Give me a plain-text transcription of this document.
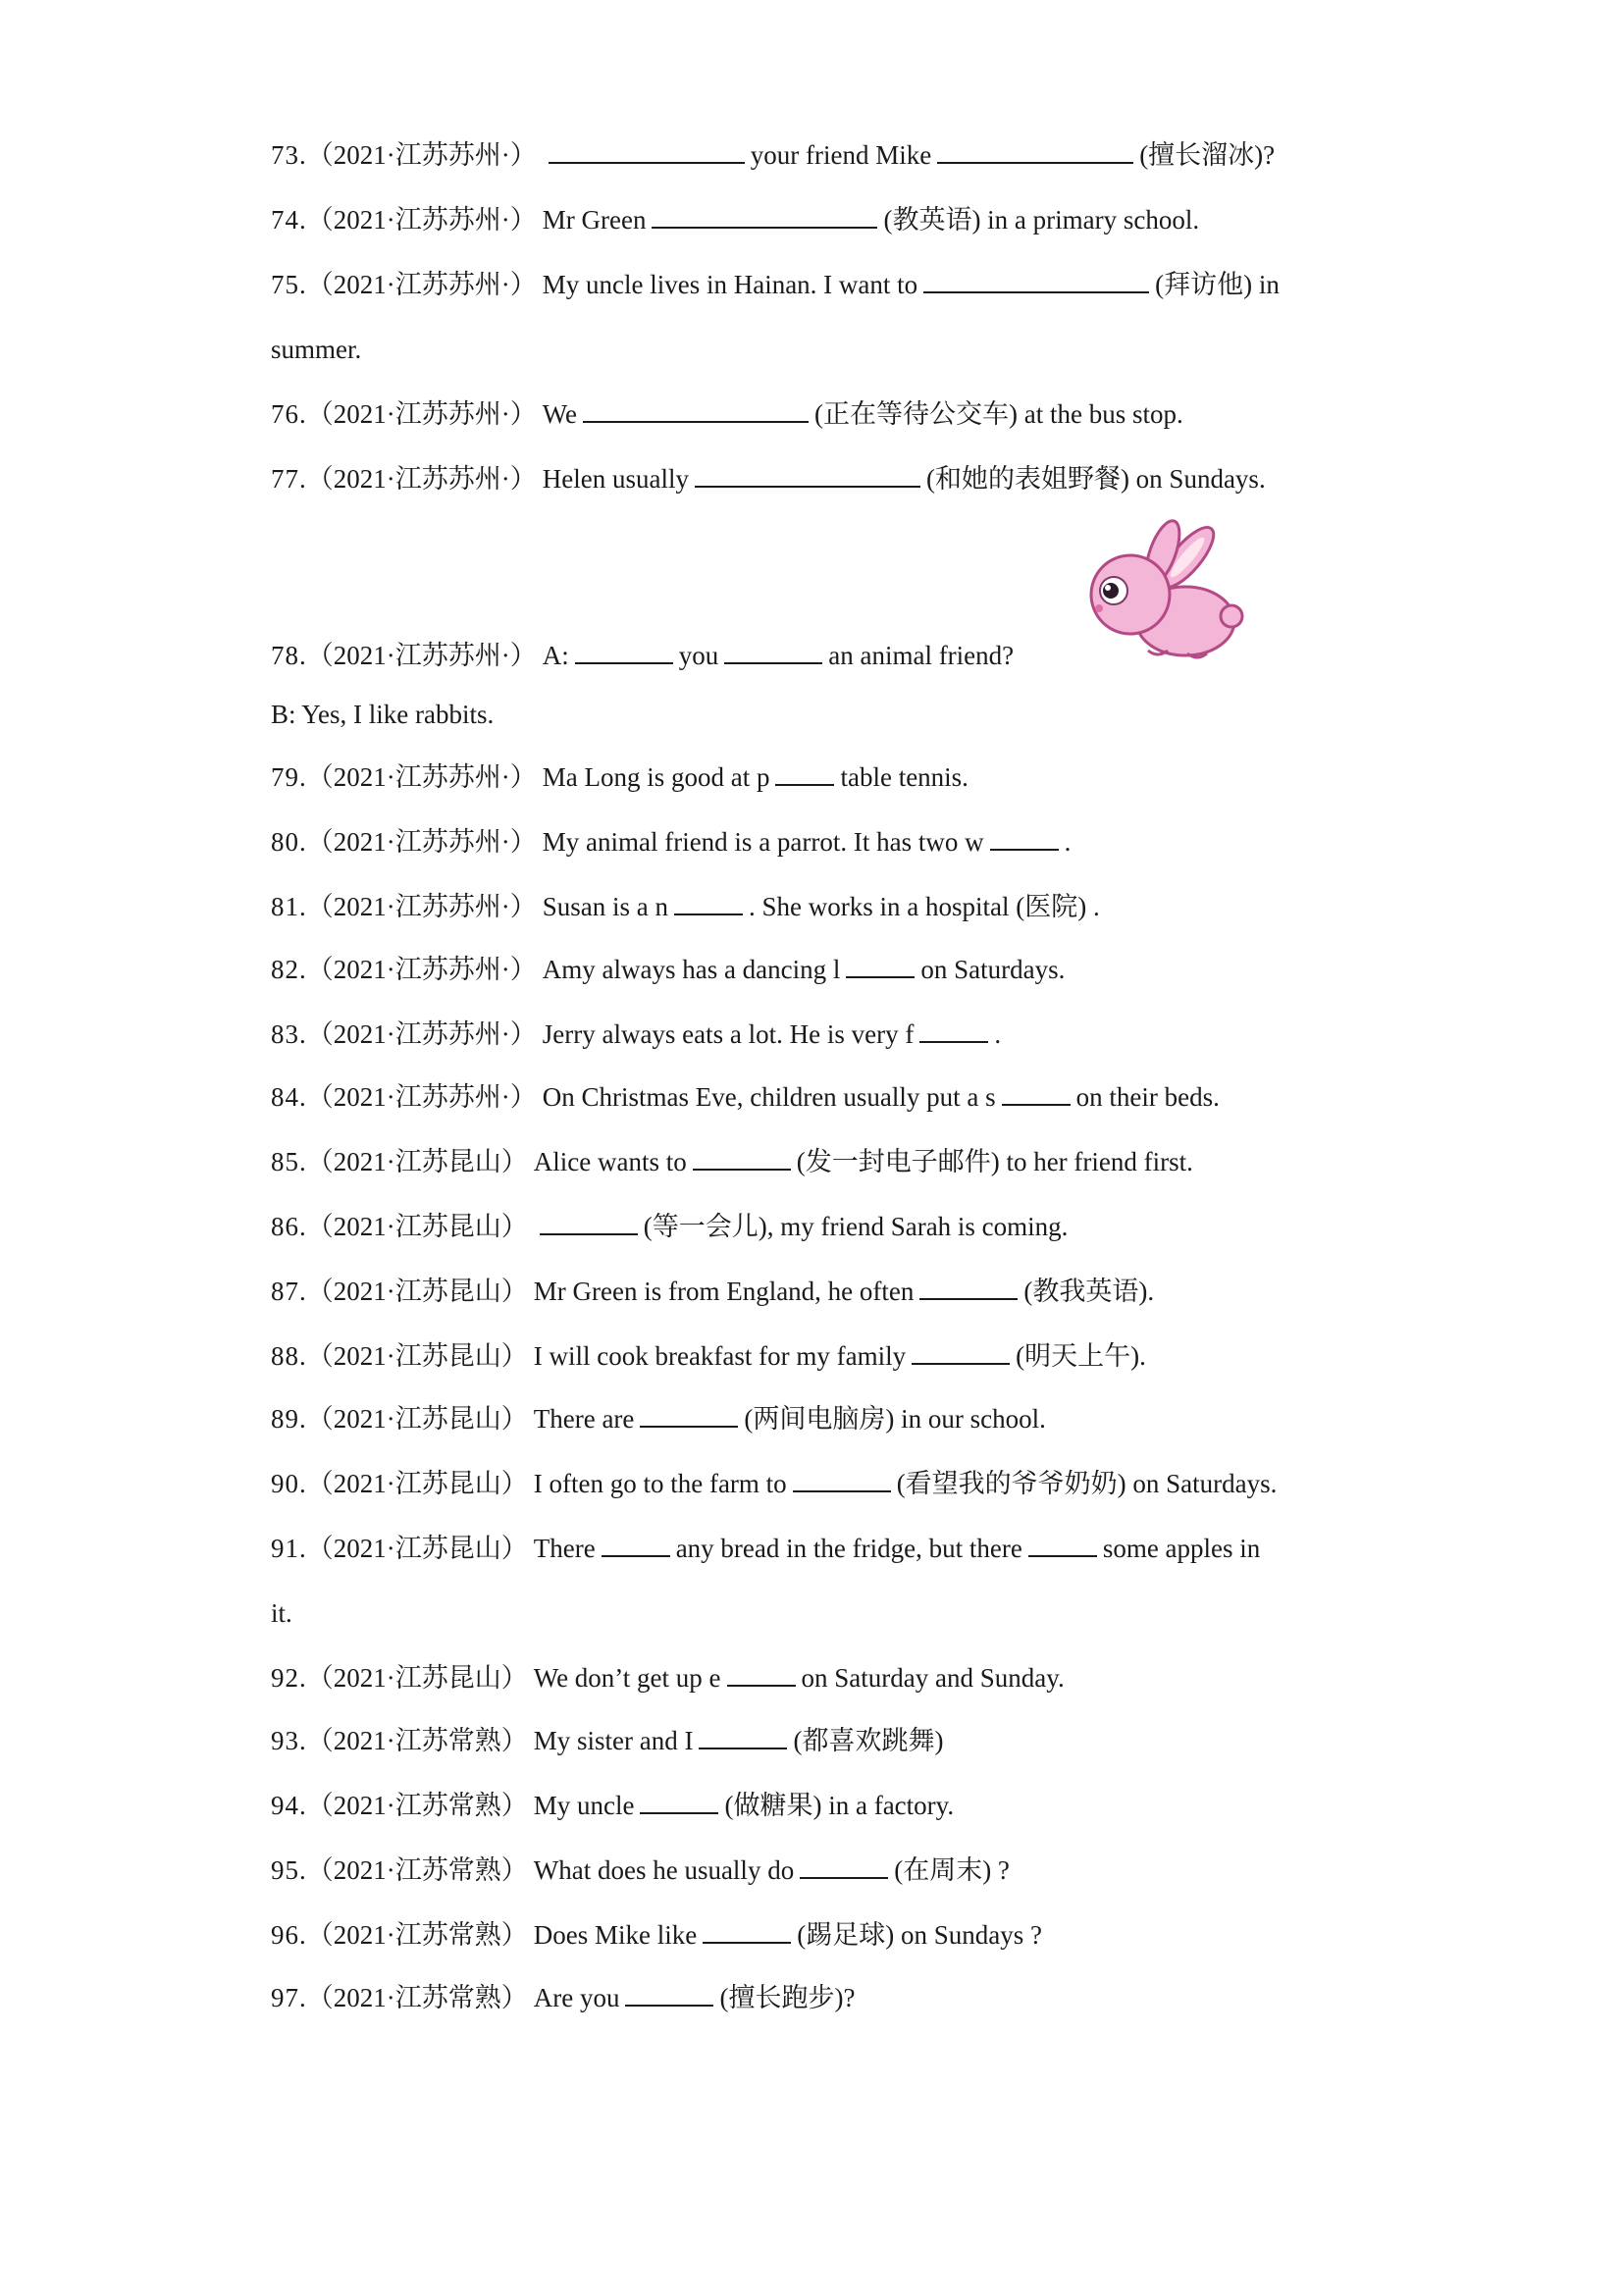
73.（2021·江苏苏州·）	your friend Mike	(擅长溜冰)?
74.（2021·江苏苏州·） Mr Green	(教英语) in a primary school.
75.（2021·江苏苏州·） My uncle lives in Hainan. I want to	(拜访他) in
summer.
76.（2021·江苏苏州·） We	(正在等待公交车) at the bus stop.
77.（2021·江苏苏州·） Helen usually	(和她的表姐野餐) on Sundays.
78.（2021·江苏苏州·） A:	you	an animal friend?
B: Yes, I like rabbits.
79.（2021·江苏苏州·） Ma Long is good at p	table tennis.
80.（2021·江苏苏州·） My animal friend is a parrot. It has two w	.
81.（2021·江苏苏州·） Susan is a n	. She works in a hospital (医院) .
82.（2021·江苏苏州·） Amy always has a dancing l	on Saturdays.
83.（2021·江苏苏州·） Jerry always eats a lot. He is very f	.
84.（2021·江苏苏州·） On Christmas Eve, children usually put a s	on their beds.
85.（2021·江苏昆山） Alice wants to	(发一封电子邮件) to her friend first.
86.（2021·江苏昆山）	(等一会儿), my friend Sarah is coming.
87.（2021·江苏昆山） Mr Green is from England, he often	(教我英语).
88.（2021·江苏昆山） I will cook breakfast for my family	(明天上午).
89.（2021·江苏昆山） There are	(两间电脑房) in our school.
90.（2021·江苏昆山） I often go to the farm to	(看望我的爷爷奶奶) on Saturdays.
91.（2021·江苏昆山） There	any bread in the fridge, but there	some apples in
it.
92.（2021·江苏昆山） We don’t get up e	on Saturday and Sunday.
93.（2021·江苏常熟） My sister and I	(都喜欢跳舞)
94.（2021·江苏常熟） My uncle	(做糖果) in a factory.
95.（2021·江苏常熟） What does he usually do	(在周末) ?
96.（2021·江苏常熟） Does Mike like	(踢足球) on Sundays ?
97.（2021·江苏常熟） Are you	(擅长跑步)?
